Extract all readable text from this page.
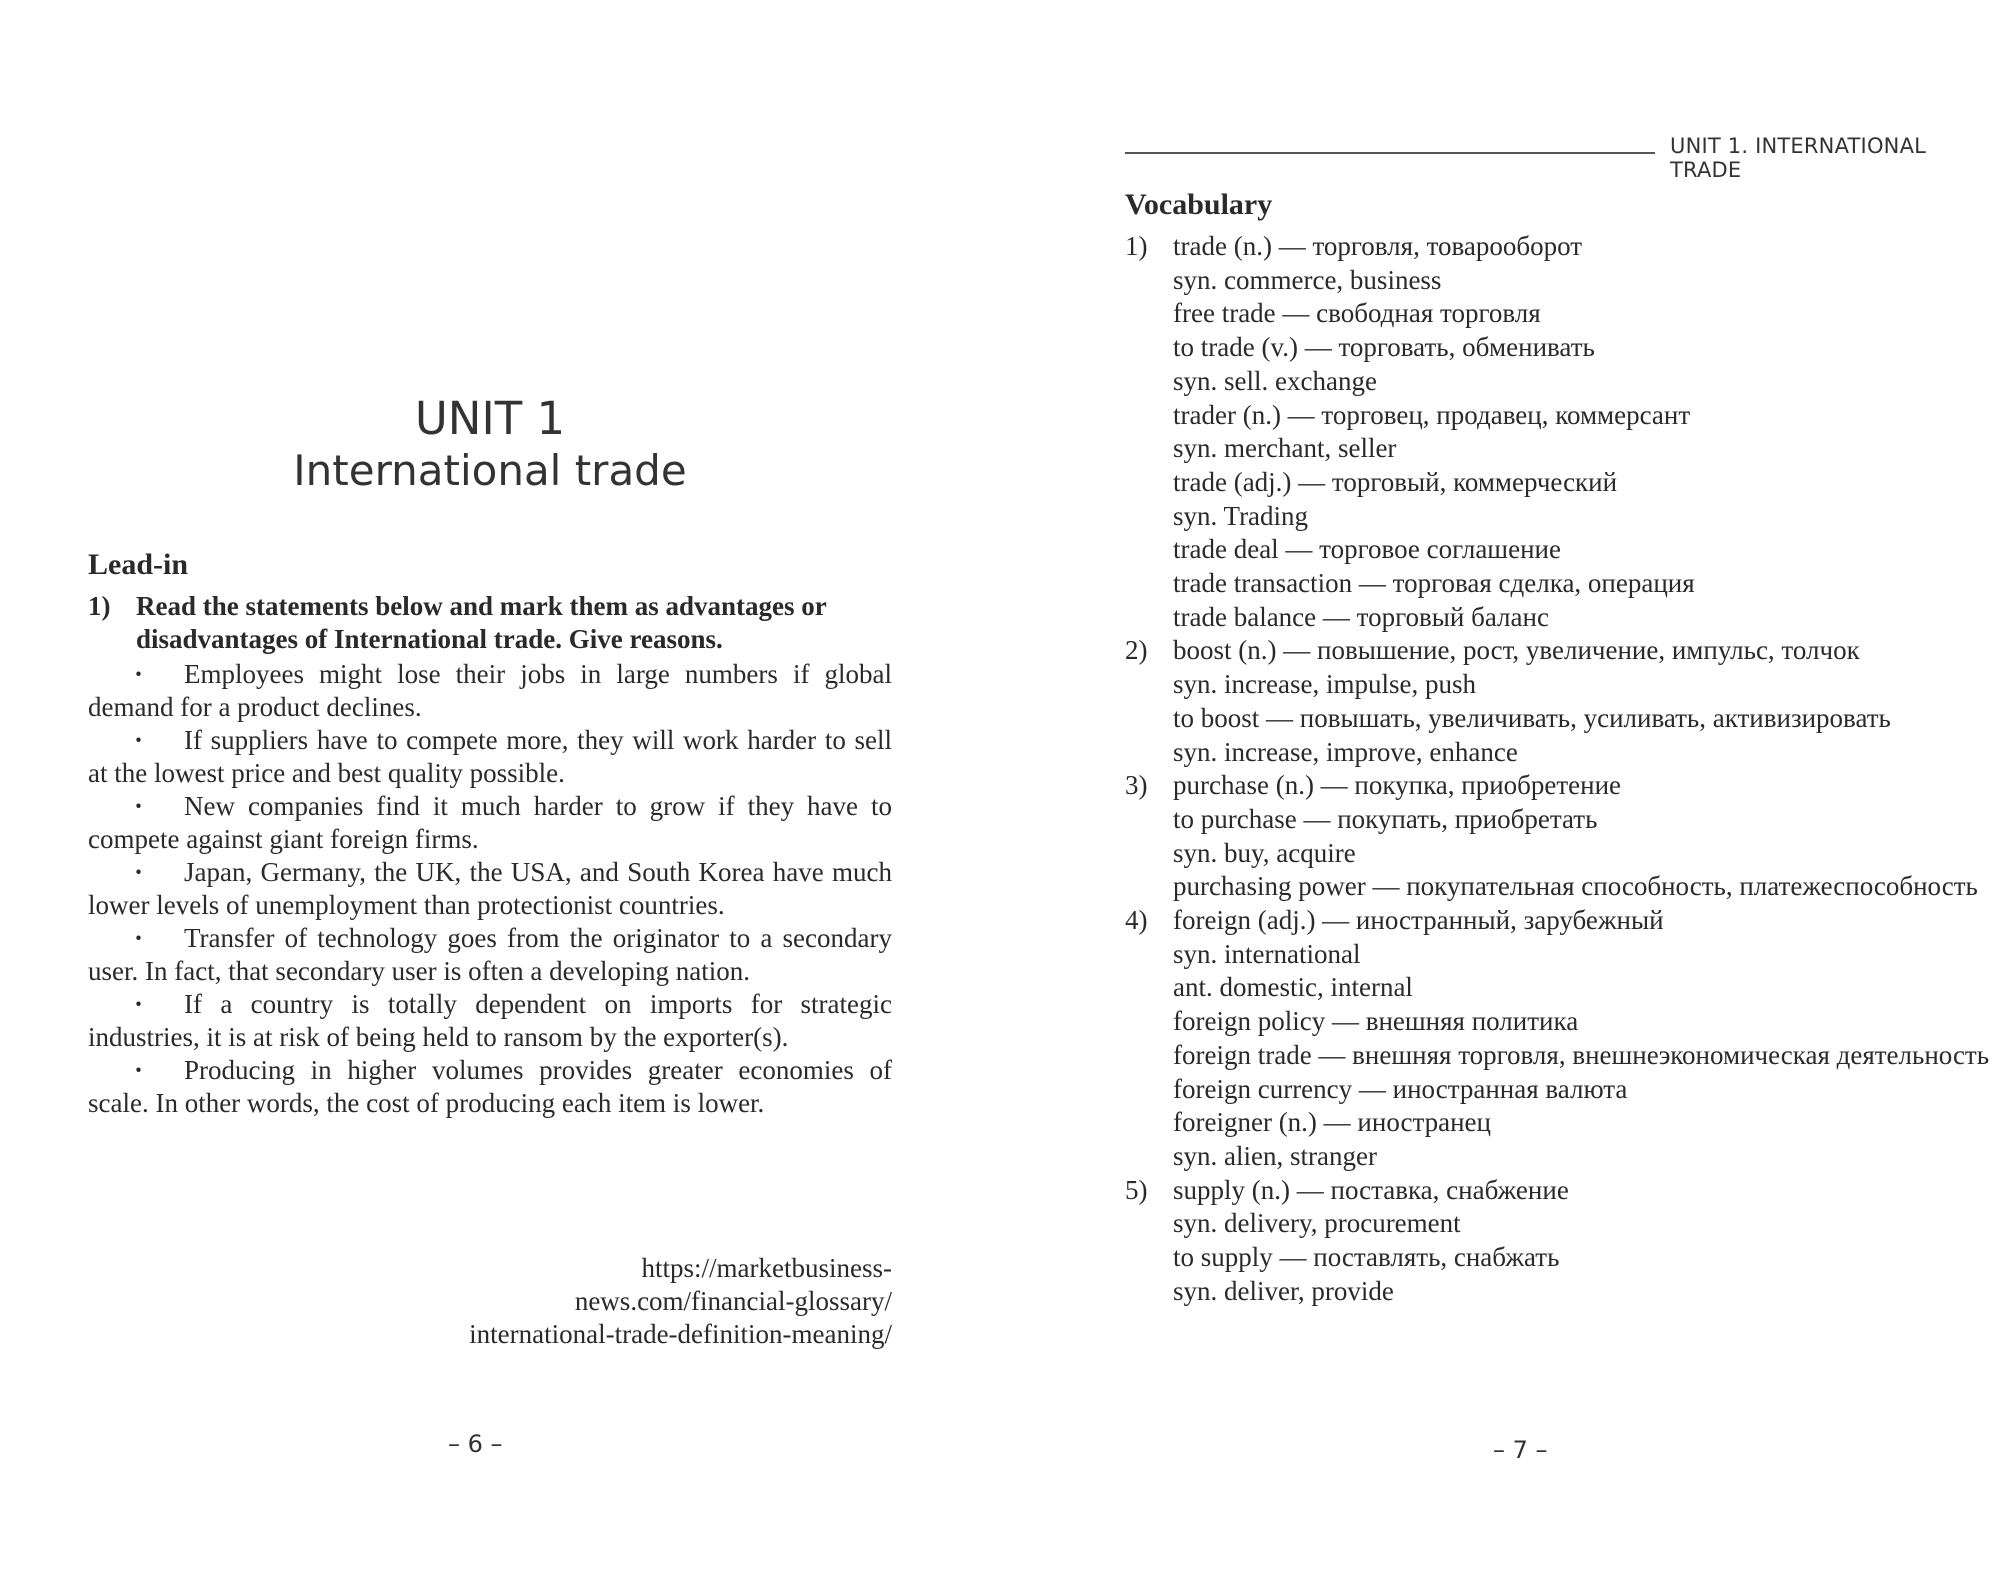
UNIT 1
International trade
Lead-in
1) Read the statements below and mark them as advantages or disadvantages of International trade. Give reasons.
· Employees might lose their jobs in large numbers if global demand for a product declines.
· If suppliers have to compete more, they will work harder to sell at the lowest price and best quality possible.
· New companies find it much harder to grow if they have to compete against giant foreign firms.
· Japan, Germany, the UK, the USA, and South Korea have much lower levels of unemployment than protectionist countries.
· Transfer of technology goes from the originator to a secondary user. In fact, that secondary user is often a developing nation.
· If a country is totally dependent on imports for strategic industries, it is at risk of being held to ransom by the exporter(s).
· Producing in higher volumes provides greater economies of scale. In other words, the cost of producing each item is lower.
https://marketbusiness-
news.com/financial-glossary/
international-trade-definition-meaning/
– 6 –
UNIT 1. INTERNATIONAL TRADE
Vocabulary
1) trade (n.) — торговля, товарооборот
syn. commerce, business
free trade — свободная торговля
to trade (v.) — торговать, обменивать
syn. sell. exchange
trader (n.) — торговец, продавец, коммерсант
syn. merchant, seller
trade (adj.) — торговый, коммерческий
syn. Trading
trade deal — торговое соглашение
trade transaction — торговая сделка, операция
trade balance — торговый баланс
2) boost (n.) — повышение, рост, увеличение, импульс, толчок
syn. increase, impulse, push
to boost — повышать, увеличивать, усиливать, активизировать
syn. increase, improve, enhance
3) purchase (n.) — покупка, приобретение
to purchase — покупать, приобретать
syn. buy, acquire
purchasing power — покупательная способность, платежеспособность
4) foreign (adj.) — иностранный, зарубежный
syn. international
ant. domestic, internal
foreign policy — внешняя политика
foreign trade — внешняя торговля, внешнеэкономическая деятельность
foreign currency — иностранная валюта
foreigner (n.) — иностранец
syn. alien, stranger
5) supply (n.) — поставка, снабжение
syn. delivery, procurement
to supply — поставлять, снабжать
syn. deliver, provide
– 7 –
